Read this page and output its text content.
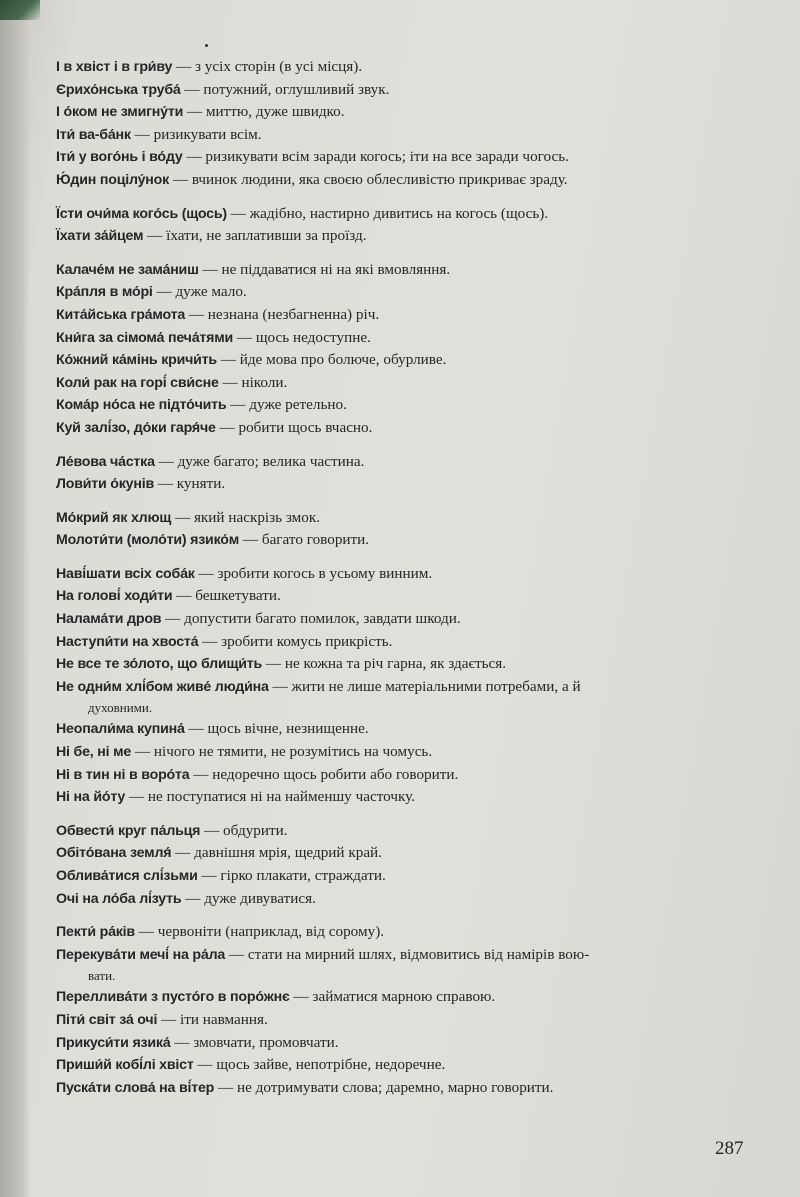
І в хвіст і в гри́ву — з усіх сторін (в усі місця).
Єрихо́нська труба́ — потужний, оглушливий звук.
І о́ком не змигну́ти — миттю, дуже швидко.
Іти́ ва-ба́нк — ризикувати всім.
Іти́ у вого́нь і во́ду — ризикувати всім заради когось; іти на все заради чогось.
Ю́дин поцілу́нок — вчинок людини, яка своєю облесливістю прикриває зраду.
Їсти очи́ма кого́сь (щось) — жадібно, настирно дивитись на когось (щось).
Їхати за́йцем — їхати, не заплативши за проїзд.
Калаче́м не зама́ниш — не піддаватися ні на які вмовляння.
Кра́пля в мо́рі — дуже мало.
Кита́йська гра́мота — незнана (незбагненна) річ.
Кни́га за сімома́ печа́тями — щось недоступне.
Ко́жний ка́мінь кричи́ть — йде мова про болюче, обурливе.
Коли́ рак на горі́ сви́сне — ніколи.
Кома́р но́са не підто́чить — дуже ретельно.
Куй залі́зо, до́ки гаря́че — робити щось вчасно.
Ле́вова ча́стка — дуже багато; велика частина.
Лови́ти о́кунів — куняти.
Мо́крий як хлющ — який наскрізь змок.
Молоти́ти (моло́ти) язико́м — багато говорити.
Наві́шати всіх соба́к — зробити когось в усьому винним.
На голові́ ходи́ти — бешкетувати.
Налама́ти дров — допустити багато помилок, завдати шкоди.
Наступи́ти на хвоста́ — зробити комусь прикрість.
Не все те зо́лото, що блищи́ть — не кожна та річ гарна, як здається.
Не одни́м хлі́бом живе́ люди́на — жити не лише матеріальними потребами, а й
духовними.
Неопали́ма купина́ — щось вічне, незнищенне.
Ні бе, ні ме — нічого не тямити, не розумітись на чомусь.
Ні в тин ні в воро́та — недоречно щось робити або говорити.
Ні на йо́ту — не поступатися ні на найменшу часточку.
Обвести́ круг па́льця — обдурити.
Обіто́вана земля́ — давнішня мрія, щедрий край.
Облива́тися слі́зьми — гірко плакати, страждати.
Очі на ло́ба лі́зуть — дуже дивуватися.
Пекти́ ра́ків — червоніти (наприклад, від сорому).
Перекува́ти мечі́ на ра́ла — стати на мирний шлях, відмовитись від намірів вою-
вати.
Переллива́ти з пусто́го в поро́жнє — займатися марною справою.
Піти́ світ за́ очі — іти навмання.
Прикуси́ти язика́ — змовчати, промовчати.
Приши́й кобі́лі хвіст — щось зайве, непотрібне, недоречне.
Пуска́ти слова́ на ві́тер — не дотримувати слова; даремно, марно говорити.
287
